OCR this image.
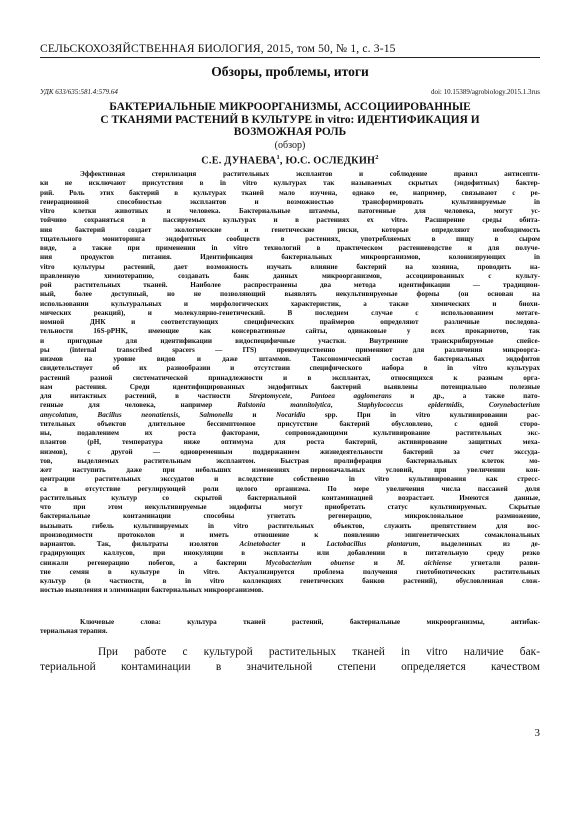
СЕЛЬСКОХОЗЯЙСТВЕННАЯ БИОЛОГИЯ, 2015, том 50, № 1, с. 3-15
Обзоры, проблемы, итоги
УДК 633/635:581.4:579.64	doi: 10.15389/agrobiology.2015.1.3rus
БАКТЕРИАЛЬНЫЕ МИКРООРГАНИЗМЫ, АССОЦИИРОВАННЫЕ
С ТКАНЯМИ РАСТЕНИЙ В КУЛЬТУРЕ in vitro: ИДЕНТИФИКАЦИЯ И
ВОЗМОЖНАЯ РОЛЬ
(обзор)
С.Е. ДУНАЕВА$^1$, Ю.С. ОСЛЕДКИН$^2$
Эффективная стерилизация растительных эксплантов и соблюдение правил антисепти-
ки не исключают присутствия в in vitro культурах так называемых скрытых (эндофитных) бактер-
рий. Роль этих бактерий в культурах тканей мало изучена, однако ее, например, связывают с ре-
генерационной способностью эксплантов и возможностью трансформировать культивируемые in
vitro клетки животных и человека. Бактериальные штаммы, патогенные для человека, могут ус-
тойчиво сохраняться в пассируемых культурах и в растениях ex vitro. Расширение среды обита-
ния бактерий создает экологические и генетические риски, которые определяют необходимость
тщательного мониторинга эндофитных сообществ в растениях, употребляемых в пищу в сыром
виде, а также при применении in vitro технологий в практическом растениеводстве и для получе-
ния продуктов питания. Идентификация бактериальных микроорганизмов, колонизирующих in
vitro культуры растений, дает возможность изучать влияние бактерий на хозяина, проводить на-
правленную химиотерапию, создавать банк данных микроорганизмов, ассоциированных с культу-
рой растительных тканей. Наиболее распространены два метода идентификации — традицион-
ный, более доступный, но не позволяющий выявлять некультивируемые формы (он основан на
использовании культуральных и морфологических характеристик, а также химических и биохи-
мических реакций), и молекулярно-генетический. В последнем случае с использованием метаге-
номной ДНК и соответствующих специфических праймеров определяют различные последова-
тельности 16S-рРНК, имеющие как консервативные сайты, одинаковые у всех прокариотов, так
и пригодные для идентификации видоспецифичные участки. Внутренние транскрибируемые спейсе-
ры (internal transcribed spacers — ITS) преимущественно применяют для различения микроорга-
низмов на уровне видов и даже штаммов. Таксономический состав бактериальных эндофитов
свидетельствует об их разнообразии и отсутствии специфического набора в in vitro культурах
растений разной систематической принадлежности и в эксплантах, относящихся к разным орга-
нам растения. Среди идентифицированных эндофитных бактерий выявлены потенциально полезные
для интактных растений, в частности Streptomycete, Pantoea agglomerans и др., а также пато-
генные для человека, например Ralstonia mannitolytica, Staphylococcus epidermidis, Corynebacterium
amycolatum, Bacillus neonatiensis, Salmonella и Nocaridia spp. При in vitro культивировании рас-
тительных объектов длительное бессимптомное присутствие бактерий обусловлено, с одной сторо-
ны, подавлением их роста факторами, сопровождающими культивирование растительных экс-
плантов (рН, температура ниже оптимума для роста бактерий, активирование защитных меха-
низмов), с другой — одновременным поддержанием жизнедеятельности бактерий за счет экссуда-
тов, выделяемых растительным эксплантом. Быстрая пролиферация бактериальных клеток мо-
жет наступить даже при небольших изменениях первоначальных условий, при увеличении кон-
центрации растительных экссудатов и вследствие собственно in vitro культивирования как стресс-
са в отсутствие регулирующей роли целого организма. По мере увеличения числа пассажей доля
растительных культур со скрытой бактериальной контаминацией возрастает. Имеются данные,
что при этом некультивируемые эндофиты могут приобретать статус культивируемых. Скрытые
бактериальные контаминации способны угнетать регенерацию, микроклональное размножение,
вызывать гибель культивируемых in vitro растительных объектов, служить препятствием для вос-
производимости протоколов и иметь отношение к появлению эпигенетических сомаклональных
вариантов. Так, фильтраты изолятов Acinetobacter и Lactobacillus plantarum, выделенных из де-
градирующих каллусов, при инокуляции в экспланты или добавлении в питательную среду резко
снижали регенерацию побегов, а бактерии Mycobacterium obuense и M. aichiense угнетали разви-
тие семян в культуре in vitro. Актуализируется проблема получения гнотобиотических растительных
культур (в частности, в in vitro коллекциях генетических банков растений), обусловленная слож-
ностью выявления и элиминации бактериальных микроорганизмов.
Ключевые слова: культура тканей растений, бактериальные микроорганизмы, антибак-
териальная терапия.
При работе с культурой растительных тканей in vitro наличие бак-
териальной контаминации в значительной степени определяется качеством
3
